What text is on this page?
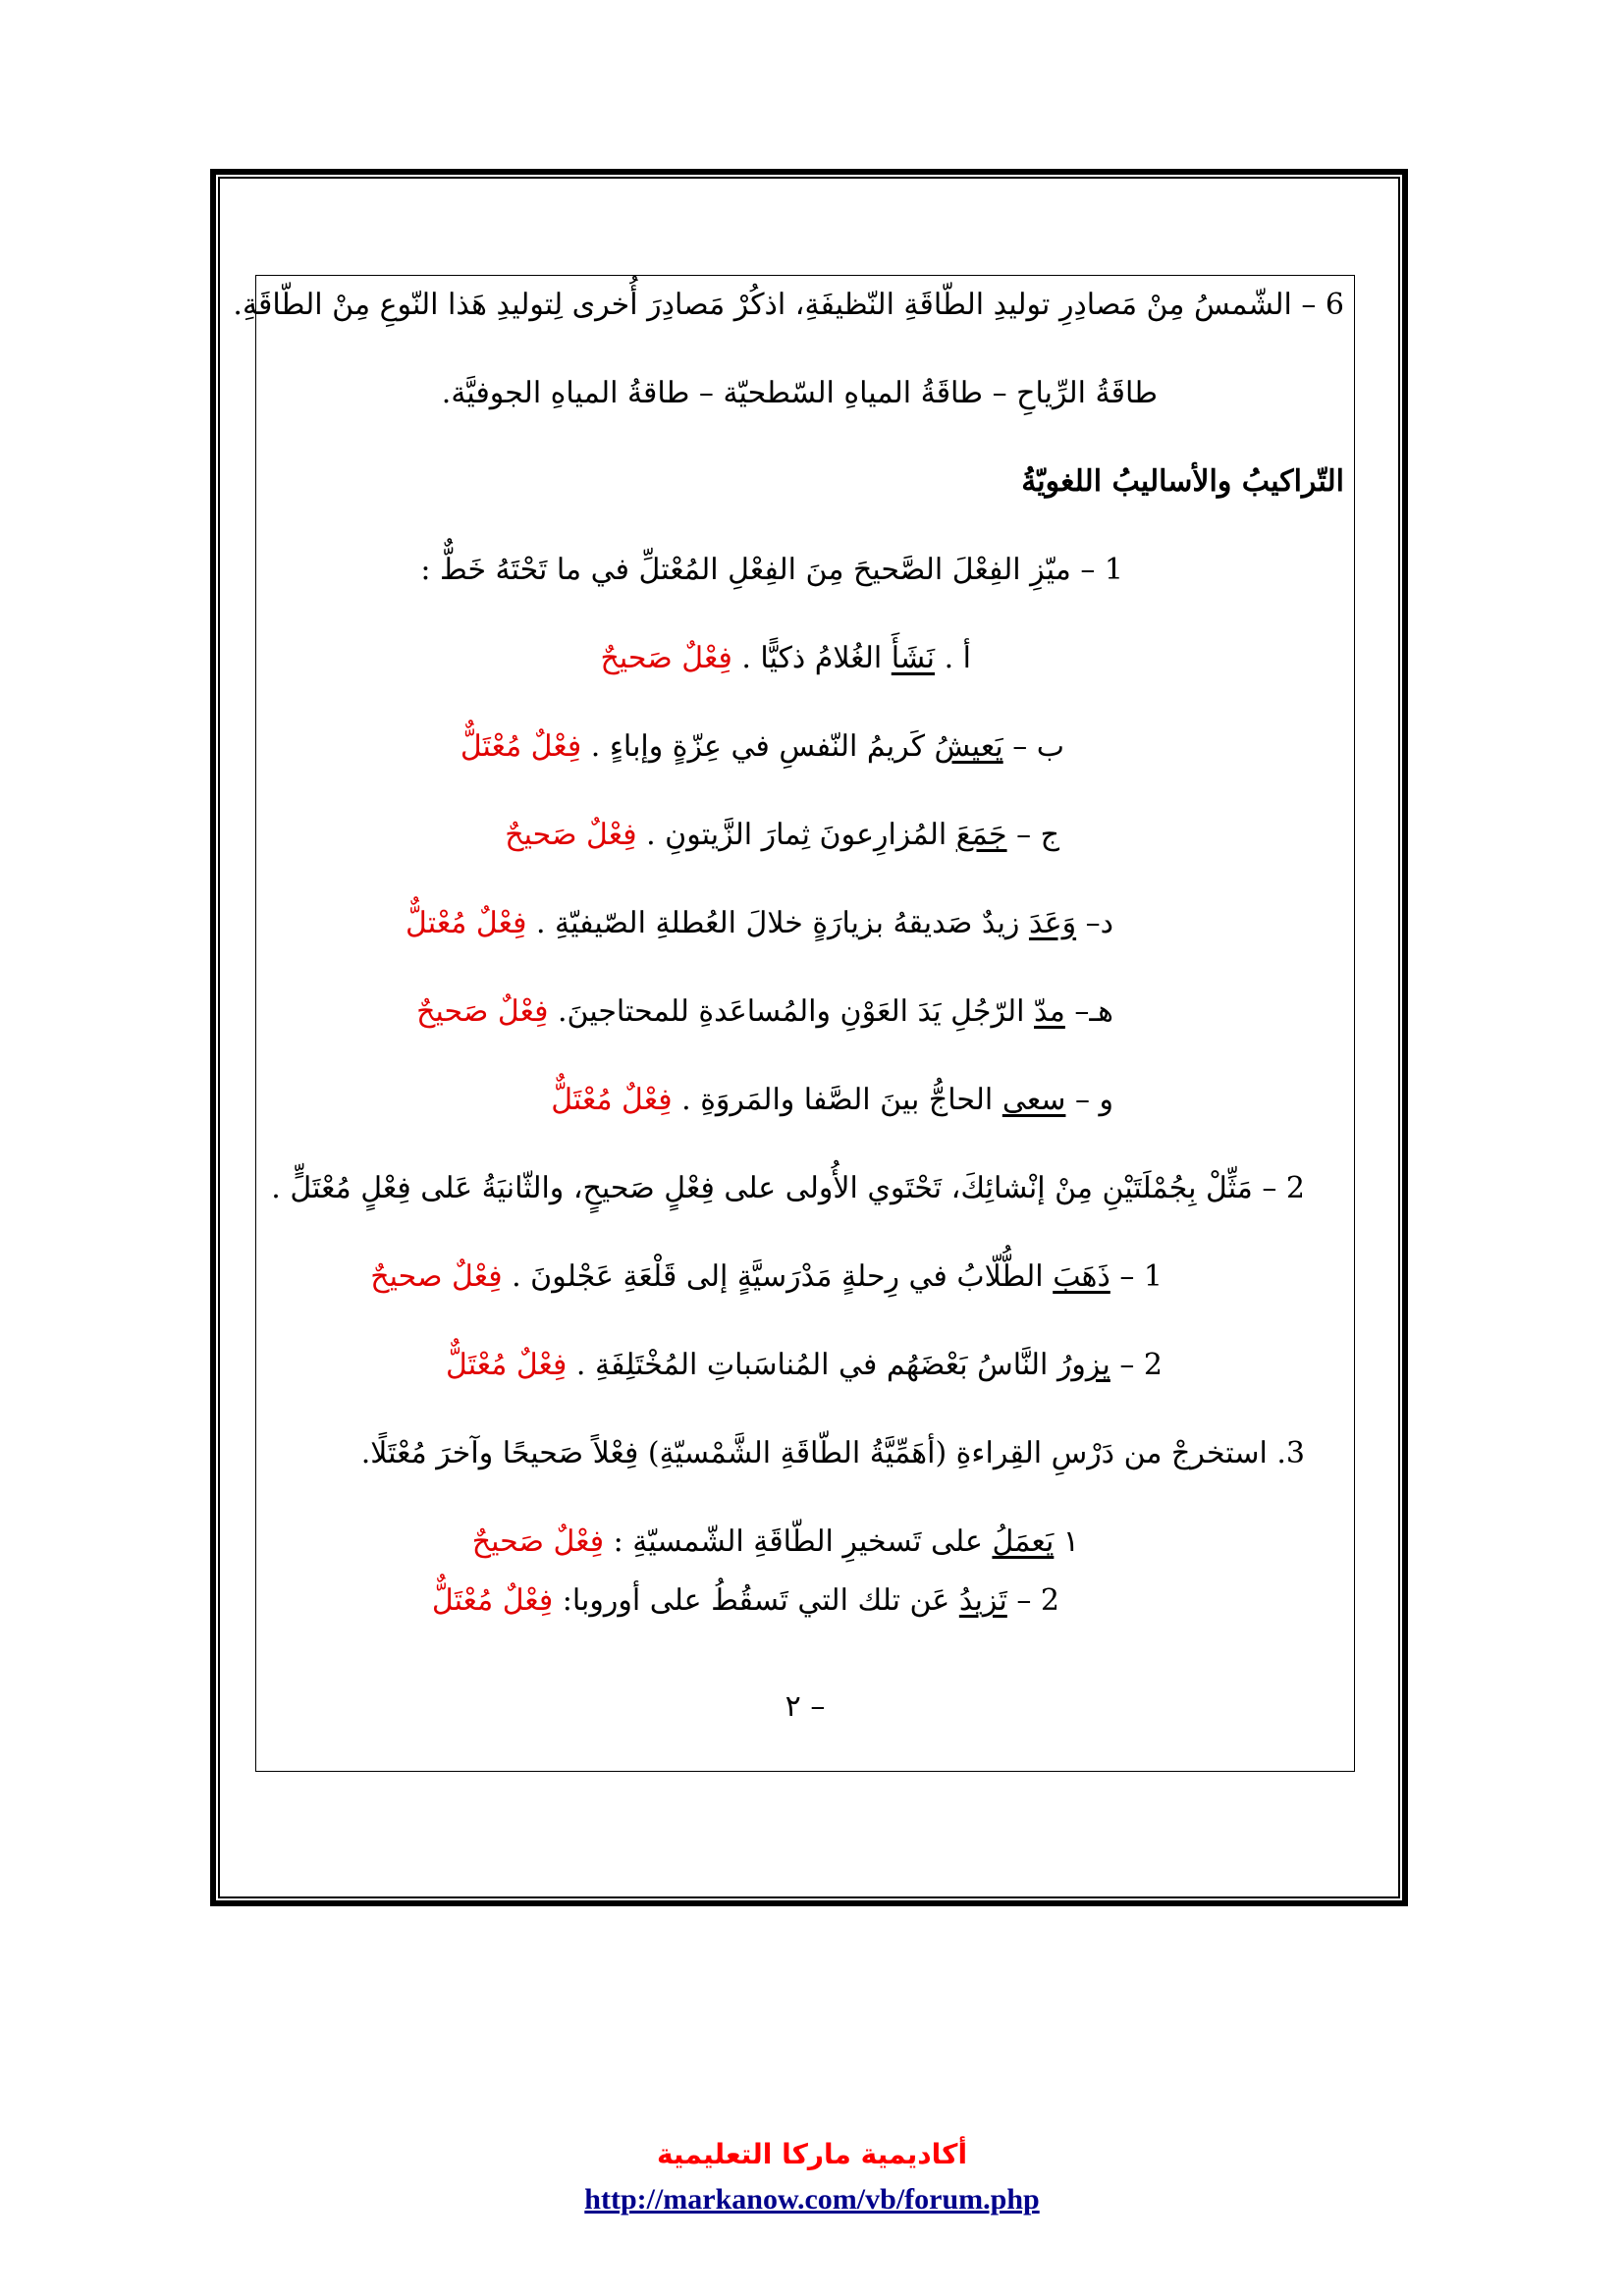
6 – الشّمسُ مِنْ مَصادِرِ توليدِ الطّاقَةِ النّظيفَةِ، اذكُرْ مَصادِرَ أُخرى لِتوليدِ هَذا النّوعِ مِنْ الطّاقَةِ.
طاقَةُ الرِّياحِ – طاقَةُ المياهِ السّطحيّة – طاقةُ المياهِ الجوفيَّة.
التّراكيبُ والأساليبُ اللغويّةُ
1 – ميّزِ الفِعْلَ الصَّحيحَ مِنَ الفِعْلِ المُعْتلِّ في ما تَحْتَهُ خَطٌّ :
أ . نَشَأَ الغُلامُ ذكيًّا . فِعْلٌ صَحيحٌ
ب – يَعيشُ كَريمُ النّفسِ في عِزّةٍ وإباءٍ . فِعْلٌ مُعْتَلٌّ
ج – جَمَعَ المُزارِعونَ ثِمارَ الزَّيتونِ . فِعْلٌ صَحيحٌ
د– وَعَدَ زيدٌ صَديقهُ بزيارَةٍ خلالَ العُطلةِ الصّيفيّةِ . فِعْلٌ مُعْتلٌّ
هـ– مدّ الرّجُلِ يَدَ العَوْنِ والمُساعَدةِ للمحتاجينَ. فِعْلٌ صَحيحٌ
و – سعى الحاجُّ بينَ الصَّفا والمَروَةِ . فِعْلٌ مُعْتَلٌّ
2 – مَثِّلْ بِجُمْلَتَيْنِ مِنْ إنْشائِكَ، تَحْتَوي الأُولى على فِعْلٍ صَحيحٍ، والثّانيَةُ عَلى فِعْلٍ مُعْتَلٍّ .
1 – ذَهَبَ الطُّلّابُ في رِحلةٍ مَدْرَسيَّةٍ إلى قَلْعَةِ عَجْلونَ . فِعْلٌ صحيحٌ
2 – يزورُ النَّاسُ بَعْضَهُم في المُناسَباتِ المُخْتَلِفَةِ . فِعْلٌ مُعْتَلٌّ
3. استخرجْ من دَرْسِ القِراءةِ (أهَمِّيَّةُ الطّاقَةِ الشَّمْسيّةِ) فِعْلاً صَحيحًا وآخرَ مُعْتَلًا.
١ يَعمَلُ على تَسخيرِ الطّاقَةِ الشّمسيّةِ : فِعْلٌ صَحيحٌ
2 – تَزيدُ عَن تلك التي تَسقُطُ على أوروبا: فِعْلٌ مُعْتَلٌّ
– ٢
أكاديمية ماركا التعليمية
http://markanow.com/vb/forum.php
